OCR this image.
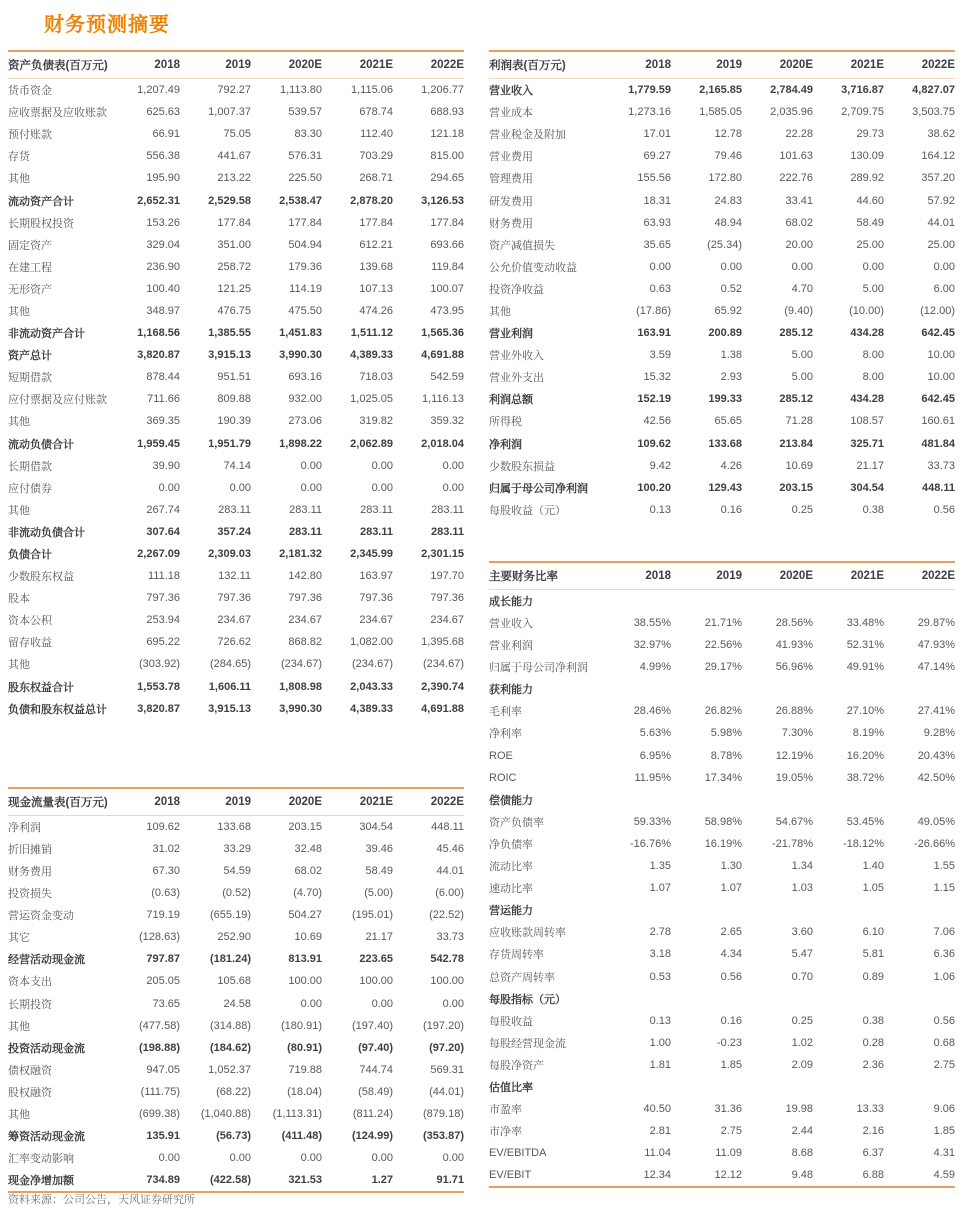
财务预测摘要
资产负债表(百万元)	2018	2019	2020E	2021E	2022E
货币资金	1,207.49	792.27	1,113.80	1,115.06	1,206.77
应收票据及应收账款	625.63	1,007.37	539.57	678.74	688.93
预付账款	66.91	75.05	83.30	112.40	121.18
存货	556.38	441.67	576.31	703.29	815.00
其他	195.90	213.22	225.50	268.71	294.65
流动资产合计	2,652.31	2,529.58	2,538.47	2,878.20	3,126.53
长期股权投资	153.26	177.84	177.84	177.84	177.84
固定资产	329.04	351.00	504.94	612.21	693.66
在建工程	236.90	258.72	179.36	139.68	119.84
无形资产	100.40	121.25	114.19	107.13	100.07
其他	348.97	476.75	475.50	474.26	473.95
非流动资产合计	1,168.56	1,385.55	1,451.83	1,511.12	1,565.36
资产总计	3,820.87	3,915.13	3,990.30	4,389.33	4,691.88
短期借款	878.44	951.51	693.16	718.03	542.59
应付票据及应付账款	711.66	809.88	932.00	1,025.05	1,116.13
其他	369.35	190.39	273.06	319.82	359.32
流动负债合计	1,959.45	1,951.79	1,898.22	2,062.89	2,018.04
长期借款	39.90	74.14	0.00	0.00	0.00
应付债券	0.00	0.00	0.00	0.00	0.00
其他	267.74	283.11	283.11	283.11	283.11
非流动负债合计	307.64	357.24	283.11	283.11	283.11
负债合计	2,267.09	2,309.03	2,181.32	2,345.99	2,301.15
少数股东权益	111.18	132.11	142.80	163.97	197.70
股本	797.36	797.36	797.36	797.36	797.36
资本公积	253.94	234.67	234.67	234.67	234.67
留存收益	695.22	726.62	868.82	1,082.00	1,395.68
其他	(303.92)	(284.65)	(234.67)	(234.67)	(234.67)
股东权益合计	1,553.78	1,606.11	1,808.98	2,043.33	2,390.74
负债和股东权益总计	3,820.87	3,915.13	3,990.30	4,389.33	4,691.88
现金流量表(百万元)	2018	2019	2020E	2021E	2022E
净利润	109.62	133.68	203.15	304.54	448.11
折旧摊销	31.02	33.29	32.48	39.46	45.46
财务费用	67.30	54.59	68.02	58.49	44.01
投资损失	(0.63)	(0.52)	(4.70)	(5.00)	(6.00)
营运资金变动	719.19	(655.19)	504.27	(195.01)	(22.52)
其它	(128.63)	252.90	10.69	21.17	33.73
经营活动现金流	797.87	(181.24)	813.91	223.65	542.78
资本支出	205.05	105.68	100.00	100.00	100.00
长期投资	73.65	24.58	0.00	0.00	0.00
其他	(477.58)	(314.88)	(180.91)	(197.40)	(197.20)
投资活动现金流	(198.88)	(184.62)	(80.91)	(97.40)	(97.20)
债权融资	947.05	1,052.37	719.88	744.74	569.31
股权融资	(111.75)	(68.22)	(18.04)	(58.49)	(44.01)
其他	(699.38)	(1,040.88)	(1,113.31)	(811.24)	(879.18)
筹资活动现金流	135.91	(56.73)	(411.48)	(124.99)	(353.87)
汇率变动影响	0.00	0.00	0.00	0.00	0.00
现金净增加额	734.89	(422.58)	321.53	1.27	91.71
利润表(百万元)	2018	2019	2020E	2021E	2022E
营业收入	1,779.59	2,165.85	2,784.49	3,716.87	4,827.07
营业成本	1,273.16	1,585.05	2,035.96	2,709.75	3,503.75
营业税金及附加	17.01	12.78	22.28	29.73	38.62
营业费用	69.27	79.46	101.63	130.09	164.12
管理费用	155.56	172.80	222.76	289.92	357.20
研发费用	18.31	24.83	33.41	44.60	57.92
财务费用	63.93	48.94	68.02	58.49	44.01
资产减值损失	35.65	(25.34)	20.00	25.00	25.00
公允价值变动收益	0.00	0.00	0.00	0.00	0.00
投资净收益	0.63	0.52	4.70	5.00	6.00
其他	(17.86)	65.92	(9.40)	(10.00)	(12.00)
营业利润	163.91	200.89	285.12	434.28	642.45
营业外收入	3.59	1.38	5.00	8.00	10.00
营业外支出	15.32	2.93	5.00	8.00	10.00
利润总额	152.19	199.33	285.12	434.28	642.45
所得税	42.56	65.65	71.28	108.57	160.61
净利润	109.62	133.68	213.84	325.71	481.84
少数股东损益	9.42	4.26	10.69	21.17	33.73
归属于母公司净利润	100.20	129.43	203.15	304.54	448.11
每股收益（元）	0.13	0.16	0.25	0.38	0.56
主要财务比率	2018	2019	2020E	2021E	2022E
成长能力
营业收入	38.55%	21.71%	28.56%	33.48%	29.87%
营业利润	32.97%	22.56%	41.93%	52.31%	47.93%
归属于母公司净利润	4.99%	29.17%	56.96%	49.91%	47.14%
获利能力
毛利率	28.46%	26.82%	26.88%	27.10%	27.41%
净利率	5.63%	5.98%	7.30%	8.19%	9.28%
ROE	6.95%	8.78%	12.19%	16.20%	20.43%
ROIC	11.95%	17.34%	19.05%	38.72%	42.50%
偿债能力
资产负债率	59.33%	58.98%	54.67%	53.45%	49.05%
净负债率	-16.76%	16.19%	-21.78%	-18.12%	-26.66%
流动比率	1.35	1.30	1.34	1.40	1.55
速动比率	1.07	1.07	1.03	1.05	1.15
营运能力
应收账款周转率	2.78	2.65	3.60	6.10	7.06
存货周转率	3.18	4.34	5.47	5.81	6.36
总资产周转率	0.53	0.56	0.70	0.89	1.06
每股指标（元）
每股收益	0.13	0.16	0.25	0.38	0.56
每股经营现金流	1.00	-0.23	1.02	0.28	0.68
每股净资产	1.81	1.85	2.09	2.36	2.75
估值比率
市盈率	40.50	31.36	19.98	13.33	9.06
市净率	2.81	2.75	2.44	2.16	1.85
EV/EBITDA	11.04	11.09	8.68	6.37	4.31
EV/EBIT	12.34	12.12	9.48	6.88	4.59
资料来源：公司公告，天风证券研究所
